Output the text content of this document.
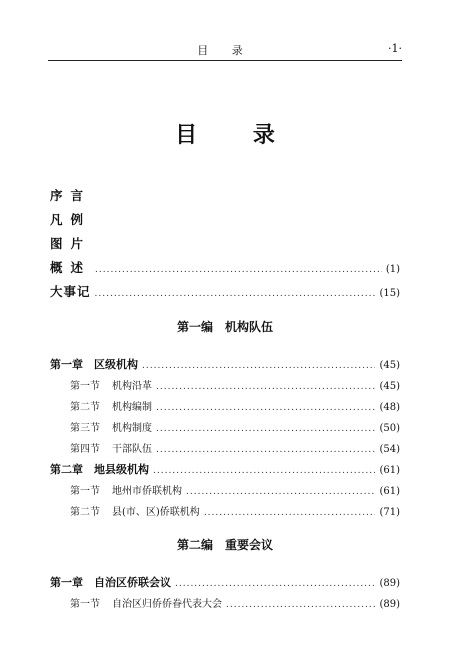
目 录	·1·
目 录
序言
凡例
图片
概述 .....	(1)
大事记 .....	(15)
第一编　机构队伍
第一章　区级机构 .....	(45)
第一节 机构沿革 .....	(45)
第二节 机构编制 .....	(48)
第三节 机构制度 .....	(50)
第四节 干部队伍 .....	(54)
第二章　地县级机构 .....	(61)
第一节 地州市侨联机构 .....	(61)
第二节 县(市、区)侨联机构 .....	(71)
第二编　重要会议
第一章　自治区侨联会议 .....	(89)
第一节 自治区归侨侨眷代表大会 .....	(89)
